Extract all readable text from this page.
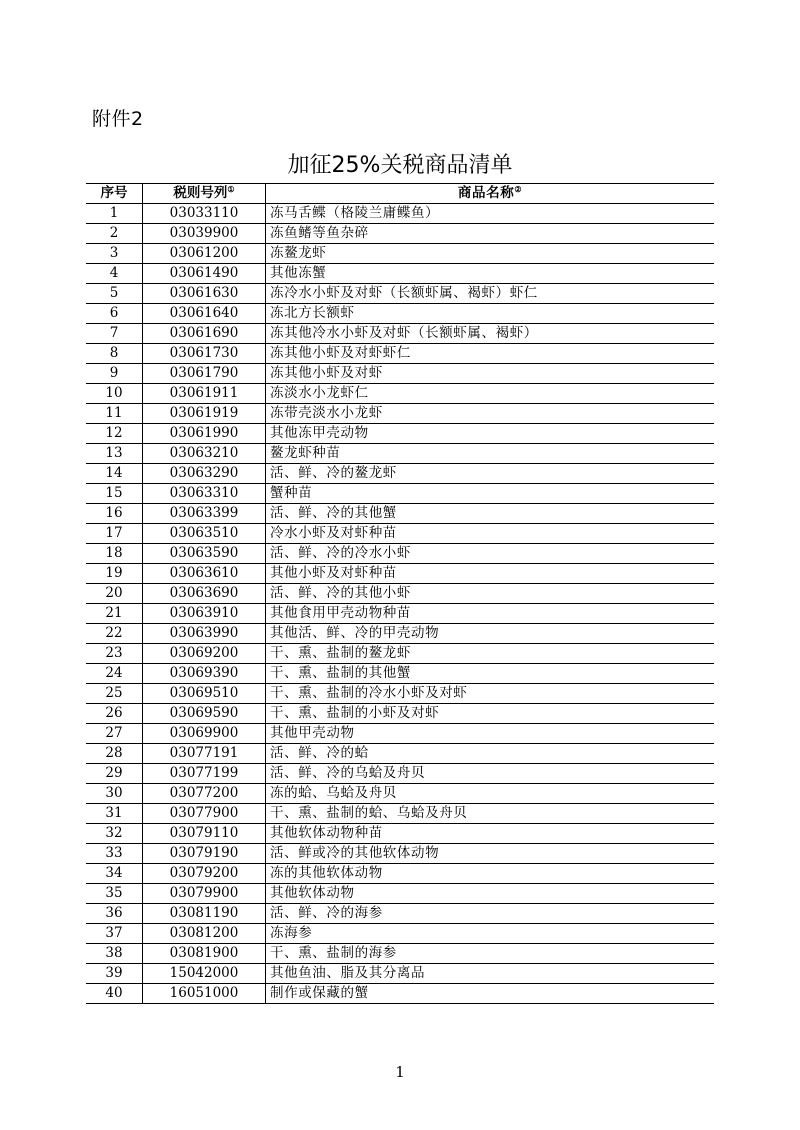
附件2
加征25%关税商品清单
序号	税则号列①	商品名称②
1	03033110	冻马舌鲽（格陵兰庸鲽鱼）
2	03039900	冻鱼鳍等鱼杂碎
3	03061200	冻鳌龙虾
4	03061490	其他冻蟹
5	03061630	冻冷水小虾及对虾（长额虾属、褐虾）虾仁
6	03061640	冻北方长额虾
7	03061690	冻其他冷水小虾及对虾（长额虾属、褐虾）
8	03061730	冻其他小虾及对虾虾仁
9	03061790	冻其他小虾及对虾
10	03061911	冻淡水小龙虾仁
11	03061919	冻带壳淡水小龙虾
12	03061990	其他冻甲壳动物
13	03063210	鳌龙虾种苗
14	03063290	活、鲜、冷的鳌龙虾
15	03063310	蟹种苗
16	03063399	活、鲜、冷的其他蟹
17	03063510	冷水小虾及对虾种苗
18	03063590	活、鲜、冷的冷水小虾
19	03063610	其他小虾及对虾种苗
20	03063690	活、鲜、冷的其他小虾
21	03063910	其他食用甲壳动物种苗
22	03063990	其他活、鲜、冷的甲壳动物
23	03069200	干、熏、盐制的鳌龙虾
24	03069390	干、熏、盐制的其他蟹
25	03069510	干、熏、盐制的冷水小虾及对虾
26	03069590	干、熏、盐制的小虾及对虾
27	03069900	其他甲壳动物
28	03077191	活、鲜、冷的蛤
29	03077199	活、鲜、冷的乌蛤及舟贝
30	03077200	冻的蛤、乌蛤及舟贝
31	03077900	干、熏、盐制的蛤、乌蛤及舟贝
32	03079110	其他软体动物种苗
33	03079190	活、鲜或冷的其他软体动物
34	03079200	冻的其他软体动物
35	03079900	其他软体动物
36	03081190	活、鲜、冷的海参
37	03081200	冻海参
38	03081900	干、熏、盐制的海参
39	15042000	其他鱼油、脂及其分离品
40	16051000	制作或保藏的蟹
1
